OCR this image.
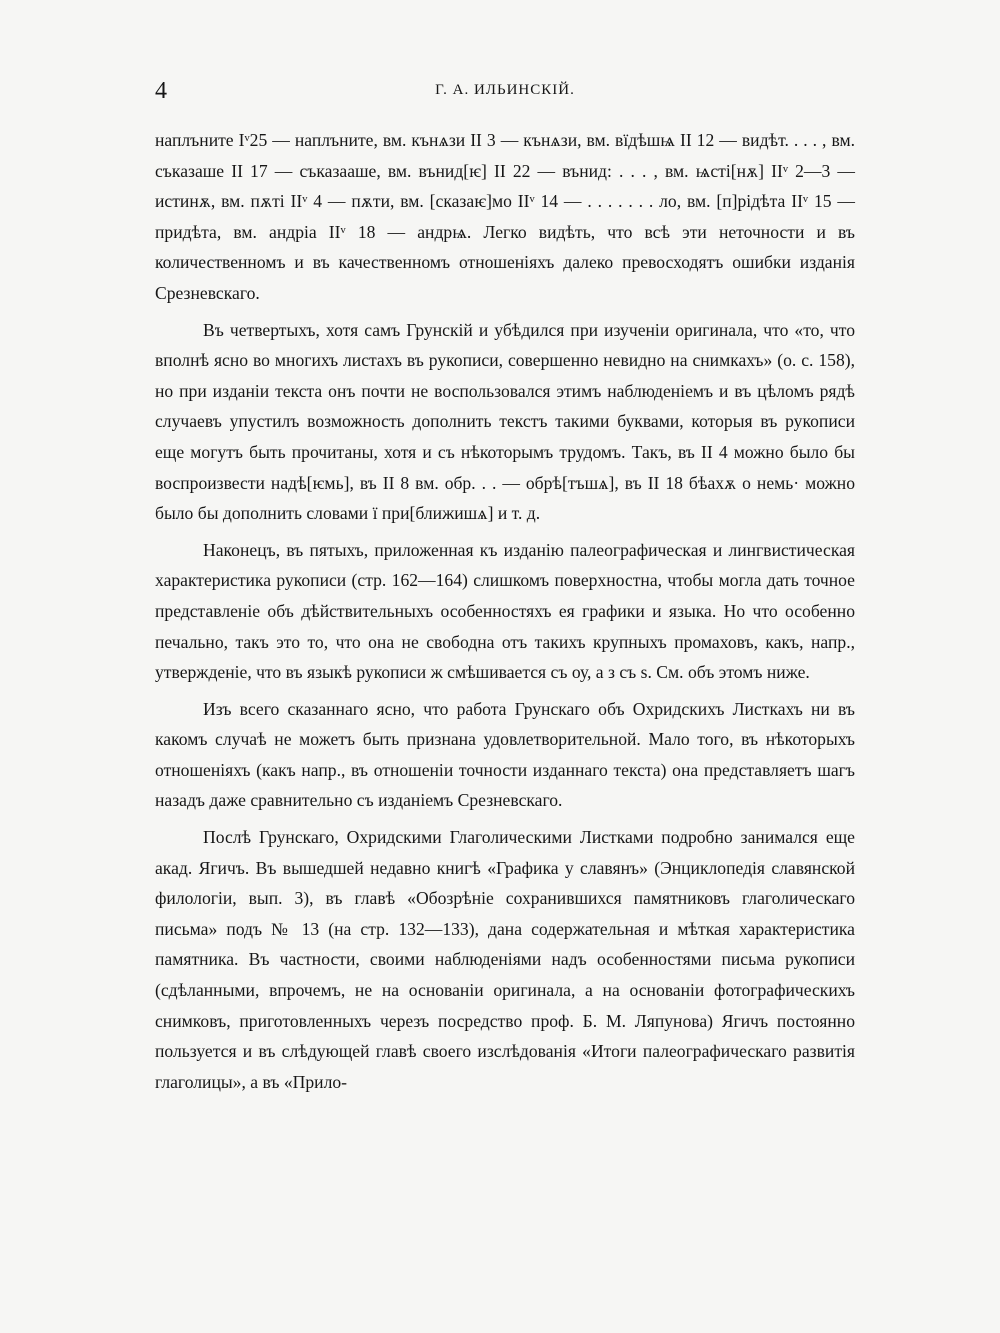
4	Г. А. ИЛЬИНСКІЙ.

наплъните Iᵛ25 — наплъните, вм. кънѧзи II 3 — кънѧзи, вм. вїдѣшѩ II 12 — видѣт. . . . , вм. съказаше II 17 — съказааше, вм. вънид[ѥ] II 22 — вънид: . . . , вм. ѩсті[нѫ] IIᵛ 2—3 — истинѫ, вм. пѫті IIᵛ 4 — пѫти, вм. [сказаѥ]мо IIᵛ 14 — . . . . . . . ло, вм. [п]рідѣта IIᵛ 15 — придѣта, вм. андріа IIᵛ 18 — андрѩ. Легко видѣть, что всѣ эти неточности и въ количественномъ и въ качественномъ отношеніяхъ далеко превосходятъ ошибки изданія Срезневскаго.

Въ четвертыхъ, хотя самъ Грунскій и убѣдился при изученіи оригинала, что «то, что вполнѣ ясно во многихъ листахъ въ рукописи, совершенно невидно на снимкахъ» (о. с. 158), но при изданіи текста онъ почти не воспользовался этимъ наблюденіемъ и въ цѣломъ рядѣ случаевъ упустилъ возможность дополнить текстъ такими буквами, которыя въ рукописи еще могутъ быть прочитаны, хотя и съ нѣкоторымъ трудомъ. Такъ, въ II 4 можно было бы воспроизвести надѣ[ѥмь], въ II 8 вм. обр. . . — обрѣ[тъшѧ], въ II 18 бѣахѫ о немь· можно было бы дополнить словами ї при[ближишѧ] и т. д.

Наконецъ, въ пятыхъ, приложенная къ изданію палеографическая и лингвистическая характеристика рукописи (стр. 162—164) слишкомъ поверхностна, чтобы могла дать точное представленіе объ дѣйствительныхъ особенностяхъ ея графики и языка. Но что особенно печально, такъ это то, что она не свободна отъ такихъ крупныхъ промаховъ, какъ, напр., утвержденіе, что въ языкѣ рукописи ж смѣшивается съ оу, а з съ ѕ. См. объ этомъ ниже.

Изъ всего сказаннаго ясно, что работа Грунскаго объ Охридскихъ Листкахъ ни въ какомъ случаѣ не можетъ быть признана удовлетворительной. Мало того, въ нѣкоторыхъ отношеніяхъ (какъ напр., въ отношеніи точности изданнаго текста) она представляетъ шагъ назадъ даже сравнительно съ изданіемъ Срезневскаго.

Послѣ Грунскаго, Охридскими Глаголическими Листками подробно занимался еще акад. Ягичъ. Въ вышедшей недавно книгѣ «Графика у славянъ» (Энциклопедія славянской филологіи, вып. 3), въ главѣ «Обозрѣніе сохранившихся памятниковъ глаголическаго письма» подъ № 13 (на стр. 132—133), дана содержательная и мѣткая характеристика памятника. Въ частности, своими наблюденіями надъ особенностями письма рукописи (сдѣланными, впрочемъ, не на основаніи оригинала, а на основаніи фотографическихъ снимковъ, приготовленныхъ черезъ посредство проф. Б. М. Ляпунова) Ягичъ постоянно пользуется и въ слѣдующей главѣ своего изслѣдованія «Итоги палеографическаго развитія глаголицы», а въ «Прило-
